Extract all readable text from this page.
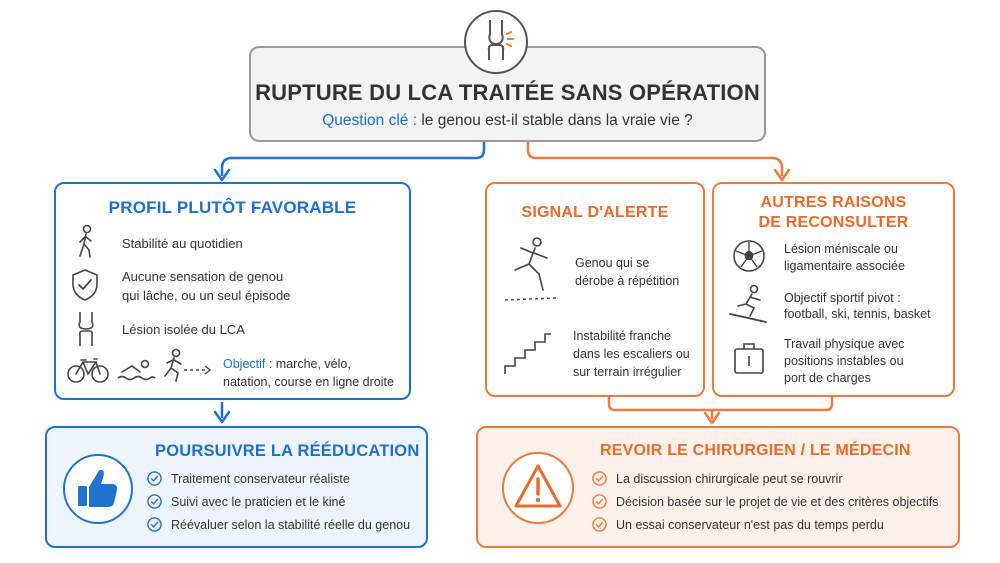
RUPTURE DU LCA TRAITÉE SANS OPÉRATION
Question clé : le genou est-il stable dans la vraie vie ?
PROFIL PLUTÔT FAVORABLE
Stabilité au quotidien
Aucune sensation de genou
qui lâche, ou un seul épisode
Lésion isolée du LCA
Objectif : marche, vélo,
natation, course en ligne droite
SIGNAL D'ALERTE
Genou qui se
dérobe à répétition
Instabilité franche
dans les escaliers ou
sur terrain irrégulier
AUTRES RAISONS
DE RECONSULTER
Lésion méniscale ou
ligamentaire associée
Objectif sportif pivot :
football, ski, tennis, basket
Travail physique avec
positions instables ou
port de charges
POURSUIVRE LA RÉÉDUCATION
Traitement conservateur réaliste
Suivi avec le praticien et le kiné
Réévaluer selon la stabilité réelle du genou
REVOIR LE CHIRURGIEN / LE MÉDECIN
La discussion chirurgicale peut se rouvrir
Décision basée sur le projet de vie et des critères objectifs
Un essai conservateur n'est pas du temps perdu
